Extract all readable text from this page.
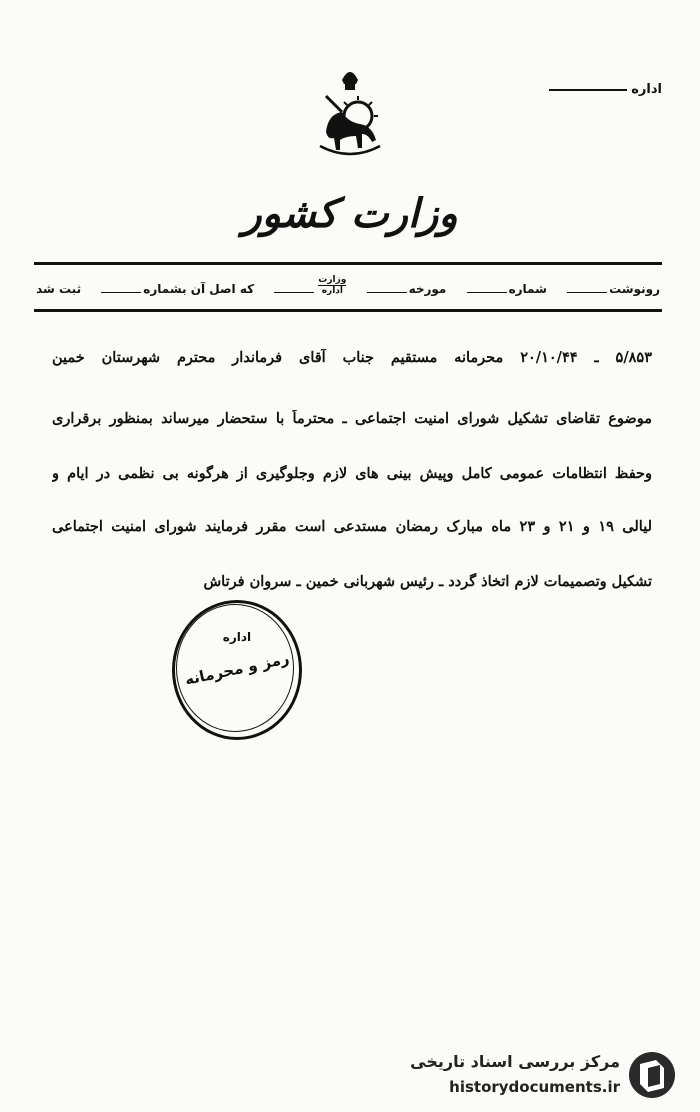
اداره
وزارت کشور
رونوشت
شماره
مورخه
وزارت
اداره
که اصل آن بشماره
ثبت شد
۵/۸۵۳ ـ ۲۰/۱۰/۴۴ محرمانه مستقیم جناب آقای فرماندار محترم شهرستان خمین
موضوع تقاضای تشکیل شورای امنیت اجتماعی ـ محترماً با ستحضار میرساند بمنظور برقراری
وحفظ انتظامات عمومی کامل وپیش بینی های لازم وجلوگیری از هرگونه بی نظمی در ایام و
لیالی ۱۹ و ۲۱ و ۲۳ ماه مبارک رمضان مستدعی است مقرر فرمایند شورای امنیت اجتماعی
تشکیل وتصمیمات لازم اتخاذ گردد ـ رئیس شهربانی خمین ـ سروان فرتاش
اداره
رمز و محرمانه
مرکز بررسی اسناد تاریخی
historydocuments.ir
